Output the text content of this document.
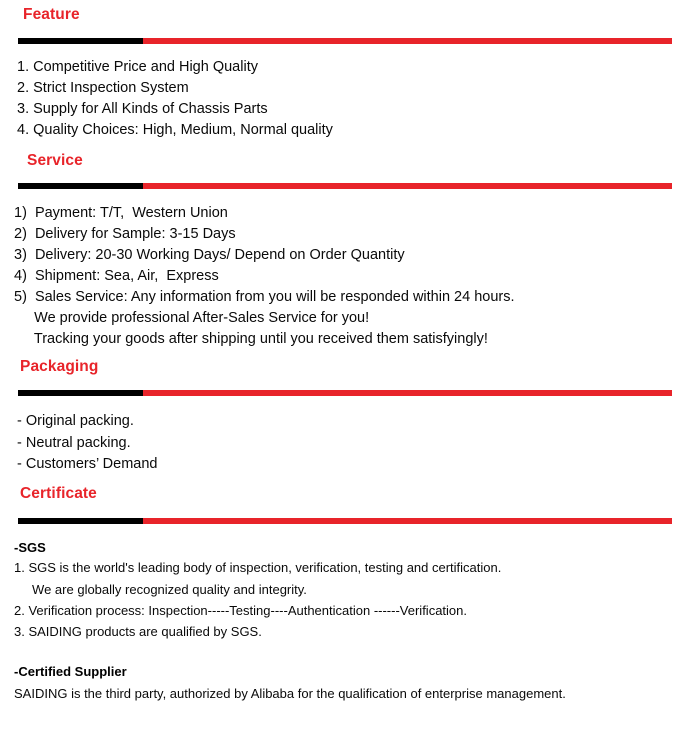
Feature
1. Competitive Price and High Quality
2. Strict Inspection System
3. Supply for All Kinds of Chassis Parts
4. Quality Choices: High, Medium, Normal quality
Service
1)  Payment: T/T,  Western Union
2)  Delivery for Sample: 3-15 Days
3)  Delivery: 20-30 Working Days/ Depend on Order Quantity
4)  Shipment: Sea, Air,  Express
5)  Sales Service: Any information from you will be responded within 24 hours.
We provide professional After-Sales Service for you!
Tracking your goods after shipping until you received them satisfyingly!
Packaging
- Original packing.
- Neutral packing.
- Customers’ Demand
Certificate
-SGS
1. SGS is the world's leading body of inspection, verification, testing and certification.
We are globally recognized quality and integrity.
2. Verification process: Inspection-----Testing----Authentication ------Verification.
3. SAIDING products are qualified by SGS.
-Certified Supplier
SAIDING is the third party, authorized by Alibaba for the qualification of enterprise management.
